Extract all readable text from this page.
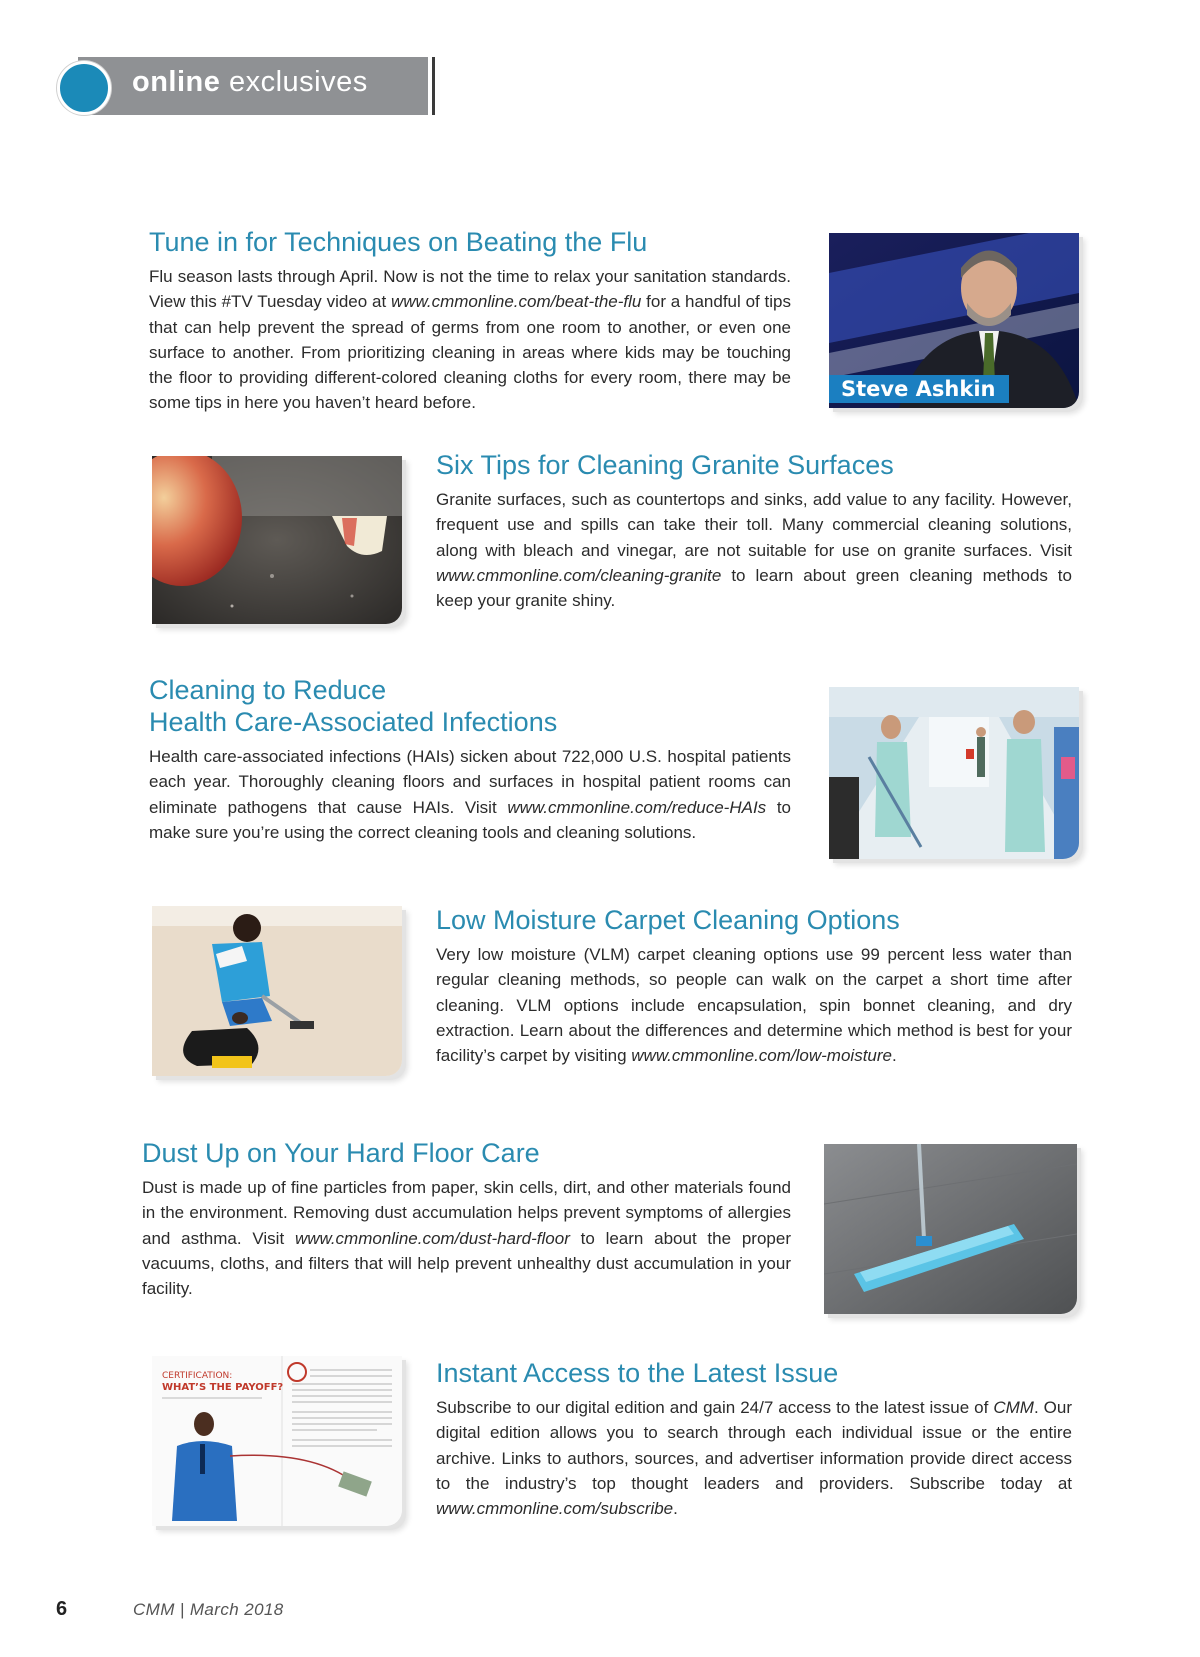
online exclusives
Tune in for Techniques on Beating the Flu

Flu season lasts through April. Now is not the time to relax your sanitation standards. View this #TV Tuesday video at www.cmmonline.com/beat-the-flu for a handful of tips that can help prevent the spread of germs from one room to another, or even one surface to another. From prioritizing cleaning in areas where kids may be touching the floor to providing different-colored cleaning cloths for every room, there may be some tips in here you haven’t heard before.

Steve Ashkin
Six Tips for Cleaning Granite Surfaces

Granite surfaces, such as countertops and sinks, add value to any facility. However, frequent use and spills can take their toll. Many commercial cleaning solutions, along with bleach and vinegar, are not suitable for use on granite surfaces. Visit www.cmmonline.com/cleaning-granite to learn about green cleaning methods to keep your granite shiny.

Cleaning to Reduce
Health Care-Associated Infections

Health care-associated infections (HAIs) sicken about 722,000 U.S. hospital patients each year. Thoroughly cleaning floors and surfaces in hospital patient rooms can eliminate pathogens that cause HAIs. Visit www.cmmonline.com/reduce-HAIs to make sure you’re using the correct cleaning tools and cleaning solutions.

Low Moisture Carpet Cleaning Options

Very low moisture (VLM) carpet cleaning options use 99 percent less water than regular cleaning methods, so people can walk on the carpet a short time after cleaning. VLM options include encapsulation, spin bonnet cleaning, and dry extraction. Learn about the differences and determine which method is best for your facility’s carpet by visiting www.cmmonline.com/low-moisture.

Dust Up on Your Hard Floor Care

Dust is made up of fine particles from paper, skin cells, dirt, and other materials found in the environment. Removing dust accumulation helps prevent symptoms of allergies and asthma. Visit www.cmmonline.com/dust-hard-floor to learn about the proper vacuums, cloths, and filters that will help prevent unhealthy dust accumulation in your facility.

CERTIFICATION:
WHAT’S THE PAYOFF?	Instant Access to the Latest Issue

Subscribe to our digital edition and gain 24/7 access to the latest issue of CMM. Our digital edition allows you to search through each individual issue or the entire archive. Links to authors, sources, and advertiser information provide direct access to the industry’s top thought leaders and providers. Subscribe today at www.cmmonline.com/subscribe.

6	CMM | March 2018
